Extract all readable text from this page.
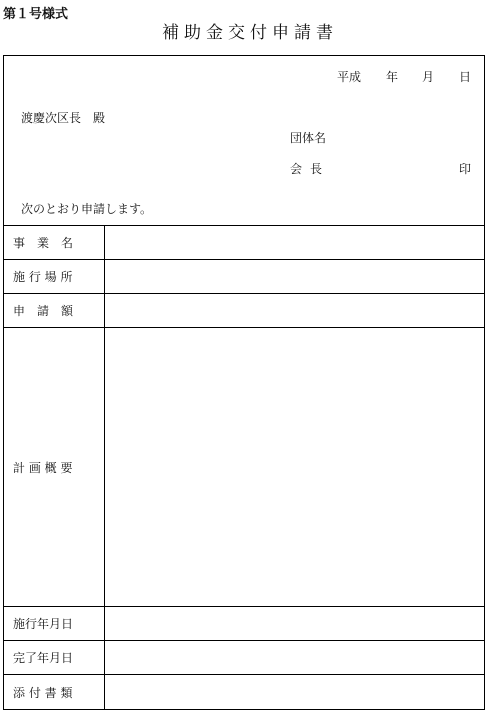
第１号様式
補助金交付申請書
平成 年 月 日
渡慶次区長　殿
団体名
会長	印
次のとおり申請します。
事　業　名
施 行 場 所
申　請　額
計 画 概 要
施行年月日
完了年月日
添 付 書 類
